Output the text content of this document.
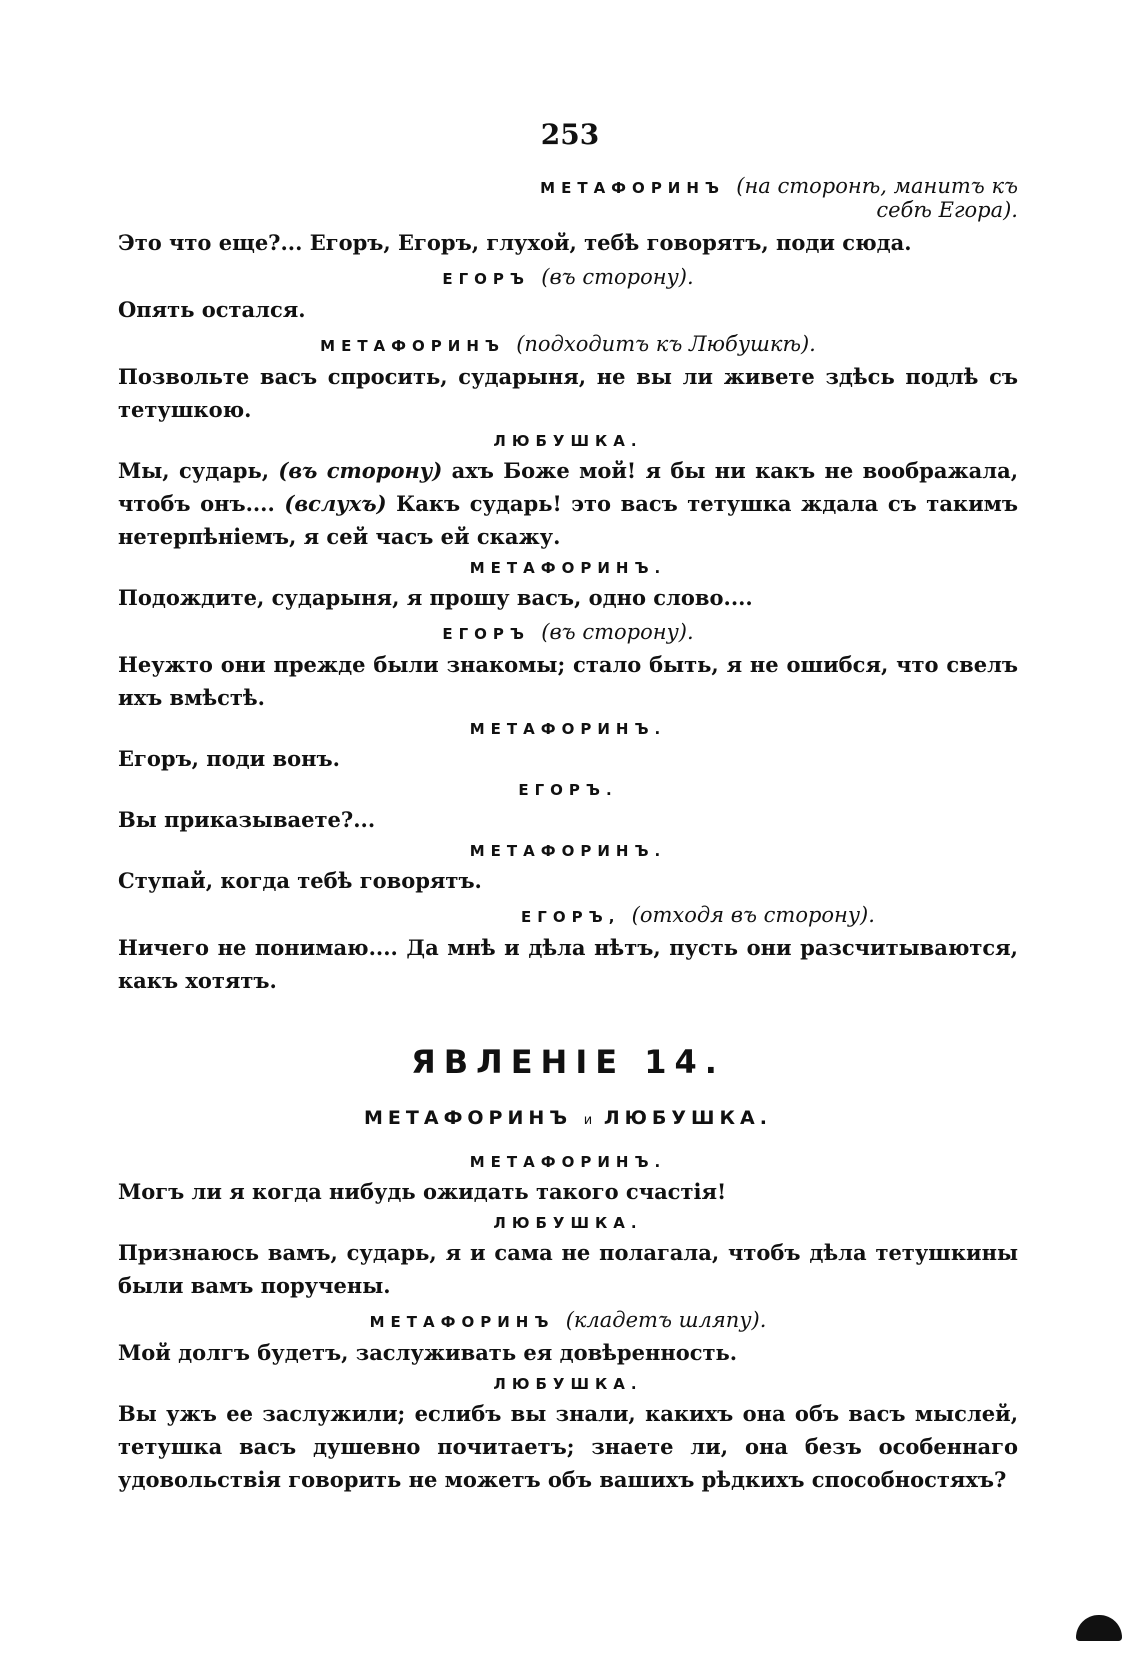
253
МЕТАФОРИНЪ (на сторонѣ, манитъ къ себѣ Егора).

Это что еще?... Егоръ, Егоръ, глухой, тебѣ говорятъ, поди сюда.

ЕГОРЪ (въ сторону).

Опять остался.

МЕТАФОРИНЪ (подходитъ къ Любушкѣ).

Позвольте васъ спросить, сударыня, не вы ли живете здѣсь подлѣ съ тетушкою.

ЛЮБУШКА.

Мы, сударь, (въ сторону) ахъ Боже мой! я бы ни какъ не воображала, чтобъ онъ.... (вслухъ) Какъ сударь! это васъ тетушка ждала съ такимъ нетерпѣніемъ, я сей часъ ей скажу.

МЕТАФОРИНЪ.

Подождите, сударыня, я прошу васъ, одно слово....

ЕГОРЪ (въ сторону).

Неужто они прежде были знакомы; стало быть, я не ошибся, что свелъ ихъ вмѣстѣ.

МЕТАФОРИНЪ.

Егоръ, поди вонъ.

ЕГОРЪ.

Вы приказываете?...

МЕТАФОРИНЪ.

Ступай, когда тебѣ говорятъ.

ЕГОРЪ, (отходя въ сторону).

Ничего не понимаю.... Да мнѣ и дѣла нѣтъ, пусть они разсчитываются, какъ хотятъ.

ЯВЛЕНІЕ 14.
МЕТАФОРИНЪ и ЛЮБУШКА.
МЕТАФОРИНЪ.

Могъ ли я когда нибудь ожидать такого счастія!

ЛЮБУШКА.

Признаюсь вамъ, сударь, я и сама не полагала, чтобъ дѣла тетушкины были вамъ поручены.

МЕТАФОРИНЪ (кладетъ шляпу).

Мой долгъ будетъ, заслуживать ея довѣренность.

ЛЮБУШКА.

Вы ужъ ее заслужили; еслибъ вы знали, какихъ она объ васъ мыслей, тетушка васъ душевно почитаетъ; знаете ли, она безъ особеннаго удовольствія говорить не можетъ объ вашихъ рѣдкихъ способностяхъ?
